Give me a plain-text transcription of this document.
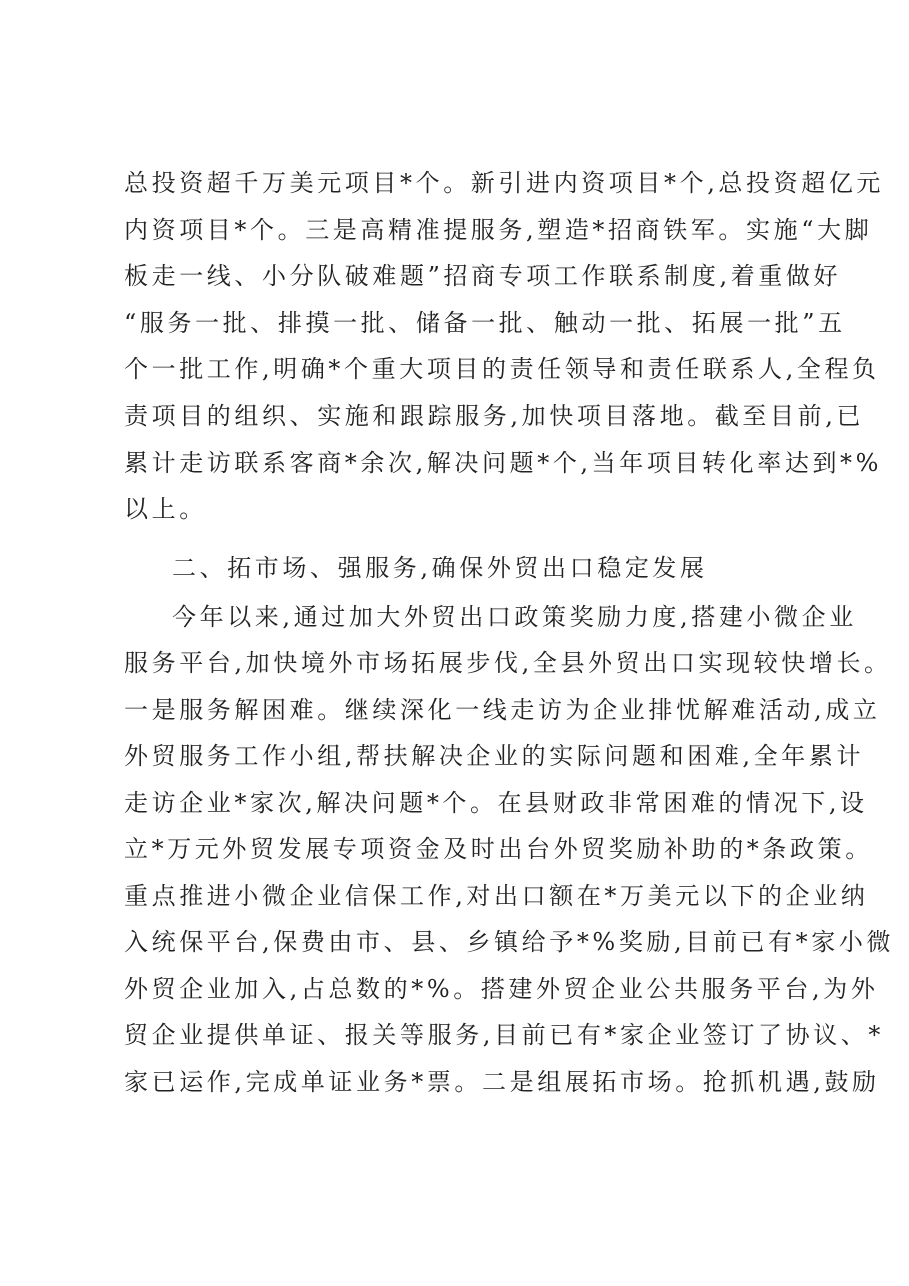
总投资超千万美元项目*个。新引进内资项目*个,总投资超亿元
内资项目*个。三是高精准提服务,塑造*招商铁军。实施“大脚
板走一线、小分队破难题”招商专项工作联系制度,着重做好
“服务一批、排摸一批、储备一批、触动一批、拓展一批”五
个一批工作,明确*个重大项目的责任领导和责任联系人,全程负
责项目的组织、实施和跟踪服务,加快项目落地。截至目前,已
累计走访联系客商*余次,解决问题*个,当年项目转化率达到*%
以上。
二、拓市场、强服务,确保外贸出口稳定发展
今年以来,通过加大外贸出口政策奖励力度,搭建小微企业
服务平台,加快境外市场拓展步伐,全县外贸出口实现较快增长。
一是服务解困难。继续深化一线走访为企业排忧解难活动,成立
外贸服务工作小组,帮扶解决企业的实际问题和困难,全年累计
走访企业*家次,解决问题*个。在县财政非常困难的情况下,设
立*万元外贸发展专项资金及时出台外贸奖励补助的*条政策。
重点推进小微企业信保工作,对出口额在*万美元以下的企业纳
入统保平台,保费由市、县、乡镇给予*%奖励,目前已有*家小微
外贸企业加入,占总数的*%。搭建外贸企业公共服务平台,为外
贸企业提供单证、报关等服务,目前已有*家企业签订了协议、*
家已运作,完成单证业务*票。二是组展拓市场。抢抓机遇,鼓励
